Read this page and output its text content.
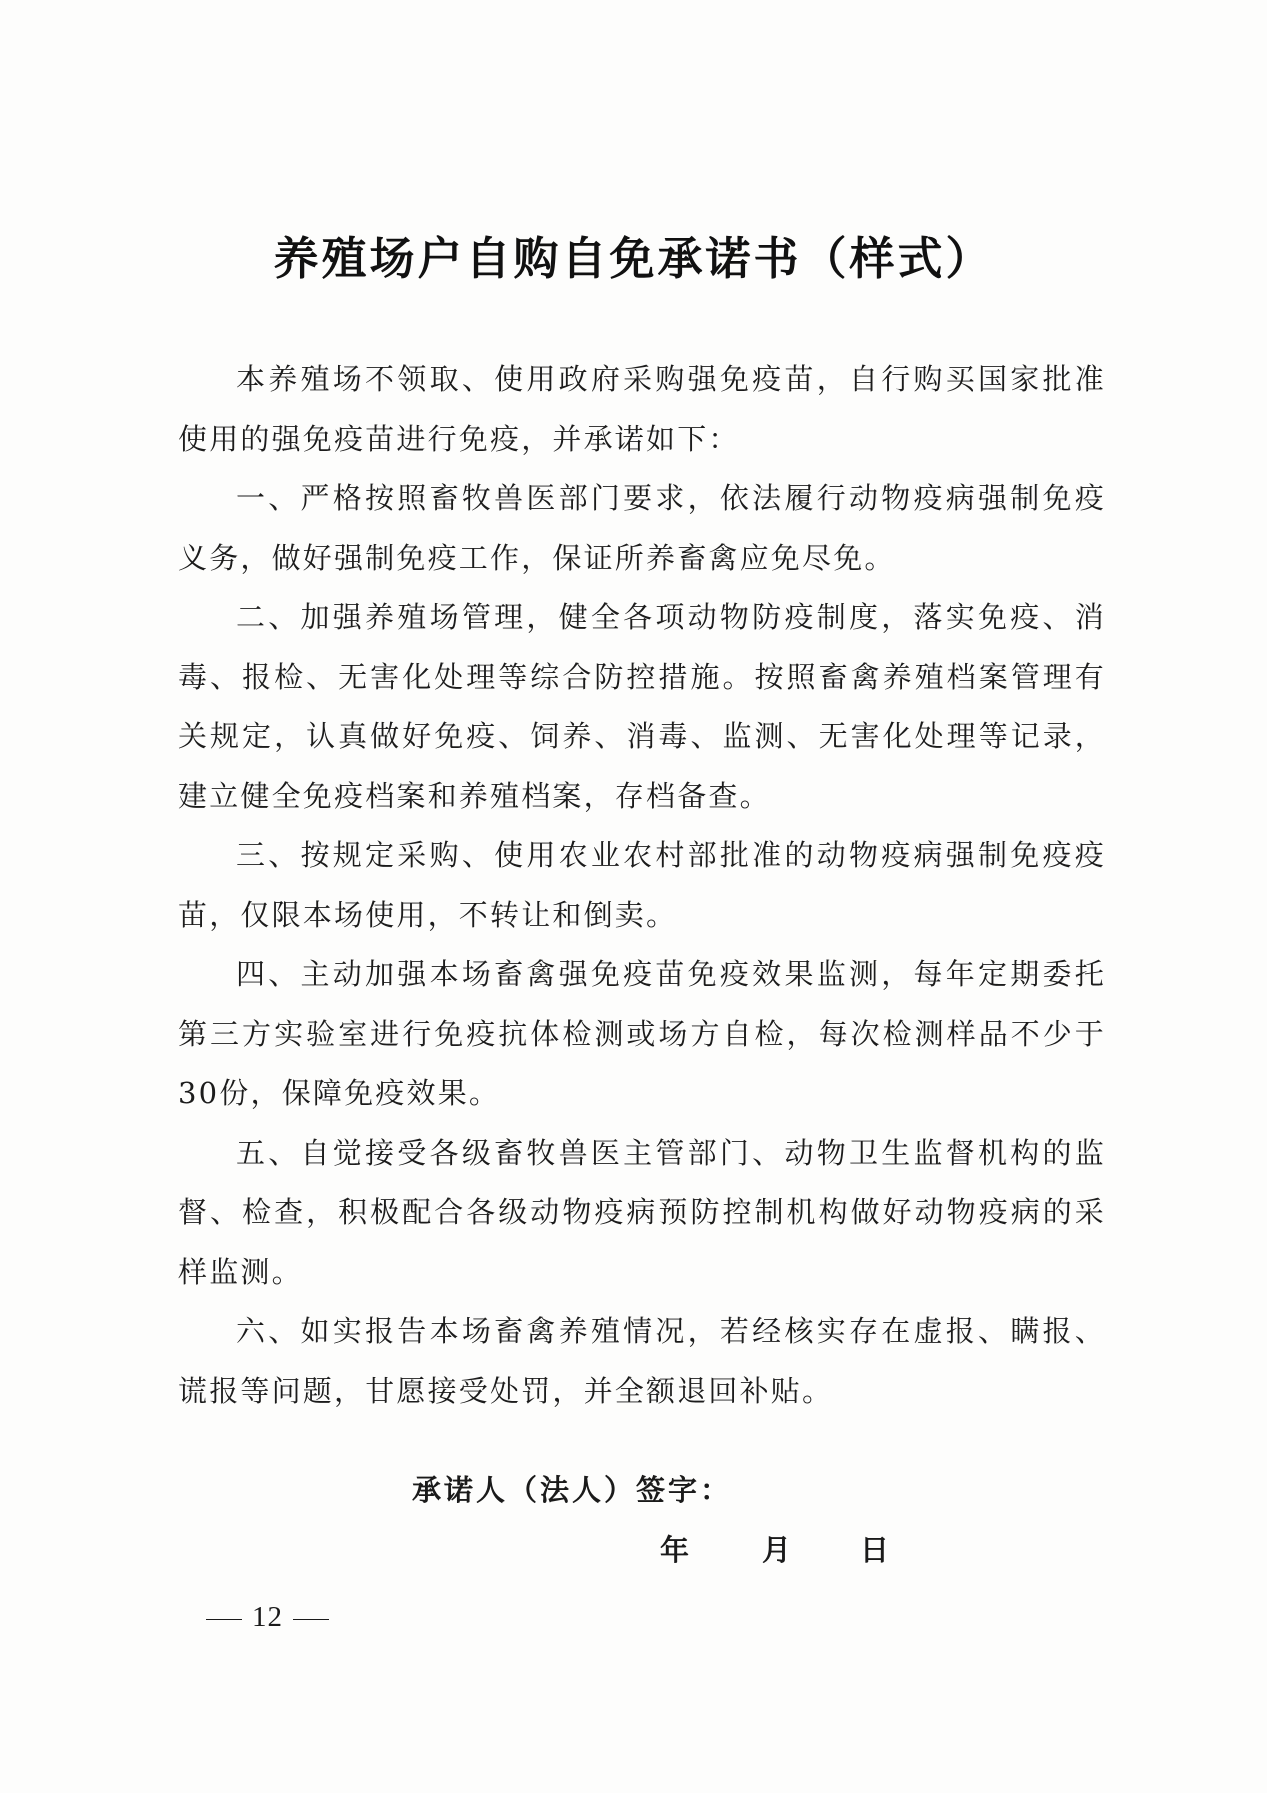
养殖场户自购自免承诺书（样式）

本养殖场不领取、使用政府采购强免疫苗，自行购买国家批准使用的强免疫苗进行免疫，并承诺如下：

一、严格按照畜牧兽医部门要求，依法履行动物疫病强制免疫义务，做好强制免疫工作，保证所养畜禽应免尽免。

二、加强养殖场管理，健全各项动物防疫制度，落实免疫、消毒、报检、无害化处理等综合防控措施。按照畜禽养殖档案管理有关规定，认真做好免疫、饲养、消毒、监测、无害化处理等记录，建立健全免疫档案和养殖档案，存档备查。

三、按规定采购、使用农业农村部批准的动物疫病强制免疫疫苗，仅限本场使用，不转让和倒卖。

四、主动加强本场畜禽强免疫苗免疫效果监测，每年定期委托第三方实验室进行免疫抗体检测或场方自检，每次检测样品不少于30份，保障免疫效果。

五、自觉接受各级畜牧兽医主管部门、动物卫生监督机构的监督、检查，积极配合各级动物疫病预防控制机构做好动物疫病的采样监测。

六、如实报告本场畜禽养殖情况，若经核实存在虚报、瞒报、谎报等问题，甘愿接受处罚，并全额退回补贴。

承诺人（法人）签字：
年	月 日
12
